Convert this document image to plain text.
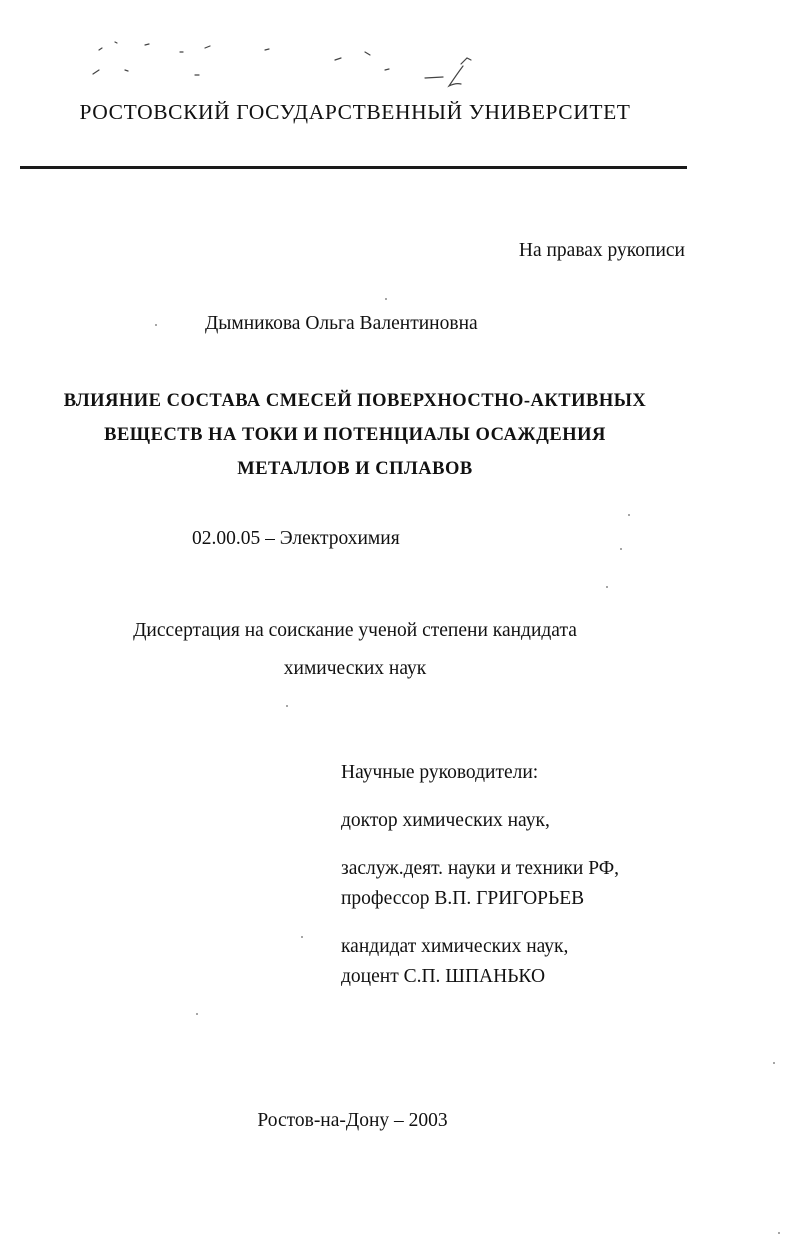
РОСТОВСКИЙ ГОСУДАРСТВЕННЫЙ УНИВЕРСИТЕТ
На правах рукописи
Дымникова Ольга Валентиновна
ВЛИЯНИЕ СОСТАВА СМЕСЕЙ ПОВЕРХНОСТНО-АКТИВНЫХ
ВЕЩЕСТВ НА ТОКИ И ПОТЕНЦИАЛЫ ОСАЖДЕНИЯ
МЕТАЛЛОВ И СПЛАВОВ
02.00.05 – Электрохимия
Диссертация на соискание ученой степени кандидата
химических наук
Научные руководители:
доктор химических наук,
заслуж.деят. науки и техники РФ,
профессор В.П. ГРИГОРЬЕВ
кандидат химических наук,
доцент С.П. ШПАНЬКО
Ростов-на-Дону – 2003
